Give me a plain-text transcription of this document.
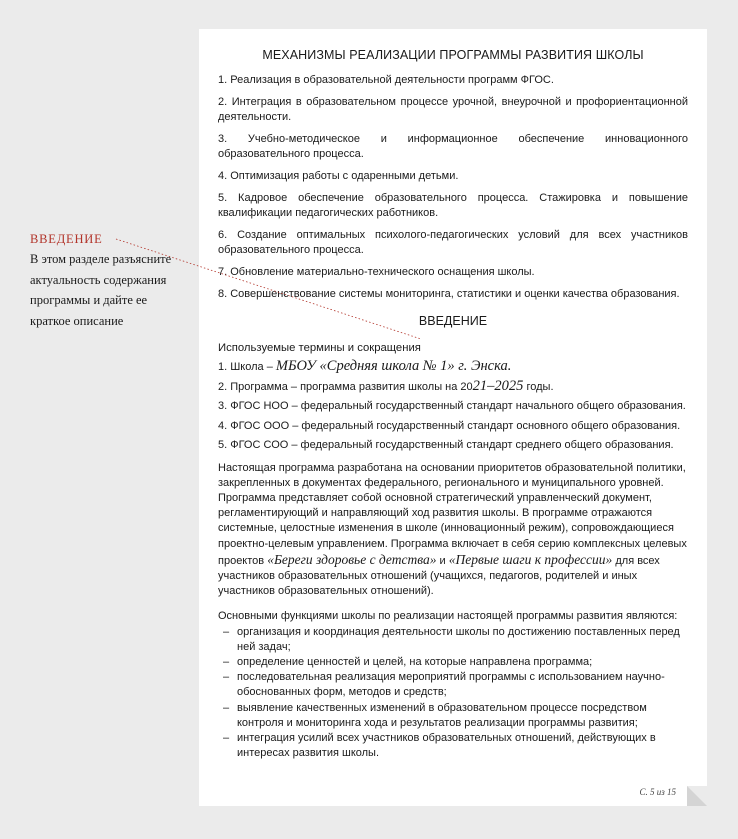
МЕХАНИЗМЫ РЕАЛИЗАЦИИ ПРОГРАММЫ РАЗВИТИЯ ШКОЛЫ
1. Реализация в образовательной деятельности программ ФГОС.
2. Интеграция в образовательном процессе урочной, внеурочной и профориентационной деятельности.
3. Учебно-методическое и информационное обеспечение инновационного образовательного процесса.
4. Оптимизация работы с одаренными детьми.
5. Кадровое обеспечение образовательного процесса. Стажировка и повышение квалификации педагогических работников.
6. Создание оптимальных психолого-педагогических условий для всех участников образовательного процесса.
7. Обновление материально-технического оснащения школы.
8. Совершенствование системы мониторинга, статистики и оценки качества образования.
ВВЕДЕНИЕ
Используемые термины и сокращения
1. Школа – МБОУ «Средняя школа № 1» г. Энска.
2. Программа – программа развития школы на 2021–2025 годы.
3. ФГОС НОО – федеральный государственный стандарт начального общего образования.
4. ФГОС ООО – федеральный государственный стандарт основного общего образования.
5. ФГОС СОО – федеральный государственный стандарт среднего общего образования.
Настоящая программа разработана на основании приоритетов образовательной политики, закрепленных в документах федерального, регионального и муниципального уровней. Программа представляет собой основной стратегический управленческий документ, регламентирующий и направляющий ход развития школы. В программе отражаются системные, целостные изменения в школе (инновационный режим), сопровождающиеся проектно-целевым управлением. Программа включает в себя серию комплексных целевых проектов «Береги здоровье с детства» и «Первые шаги к профессии» для всех участников образовательных отношений (учащихся, педагогов, родителей и иных участников образовательных отношений).
Основными функциями школы по реализации настоящей программы развития являются:
– организация и координация деятельности школы по достижению поставленных перед ней задач;
– определение ценностей и целей, на которые направлена программа;
– последовательная реализация мероприятий программы с использованием научно-обоснованных форм, методов и средств;
– выявление качественных изменений в образовательном процессе посредством контроля и мониторинга хода и результатов реализации программы развития;
– интеграция усилий всех участников образовательных отношений, действующих в интересах развития школы.
С. 5 из 15
ВВЕДЕНИЕ
В этом разделе разъясните актуальность содержания программы и дайте ее краткое описание
